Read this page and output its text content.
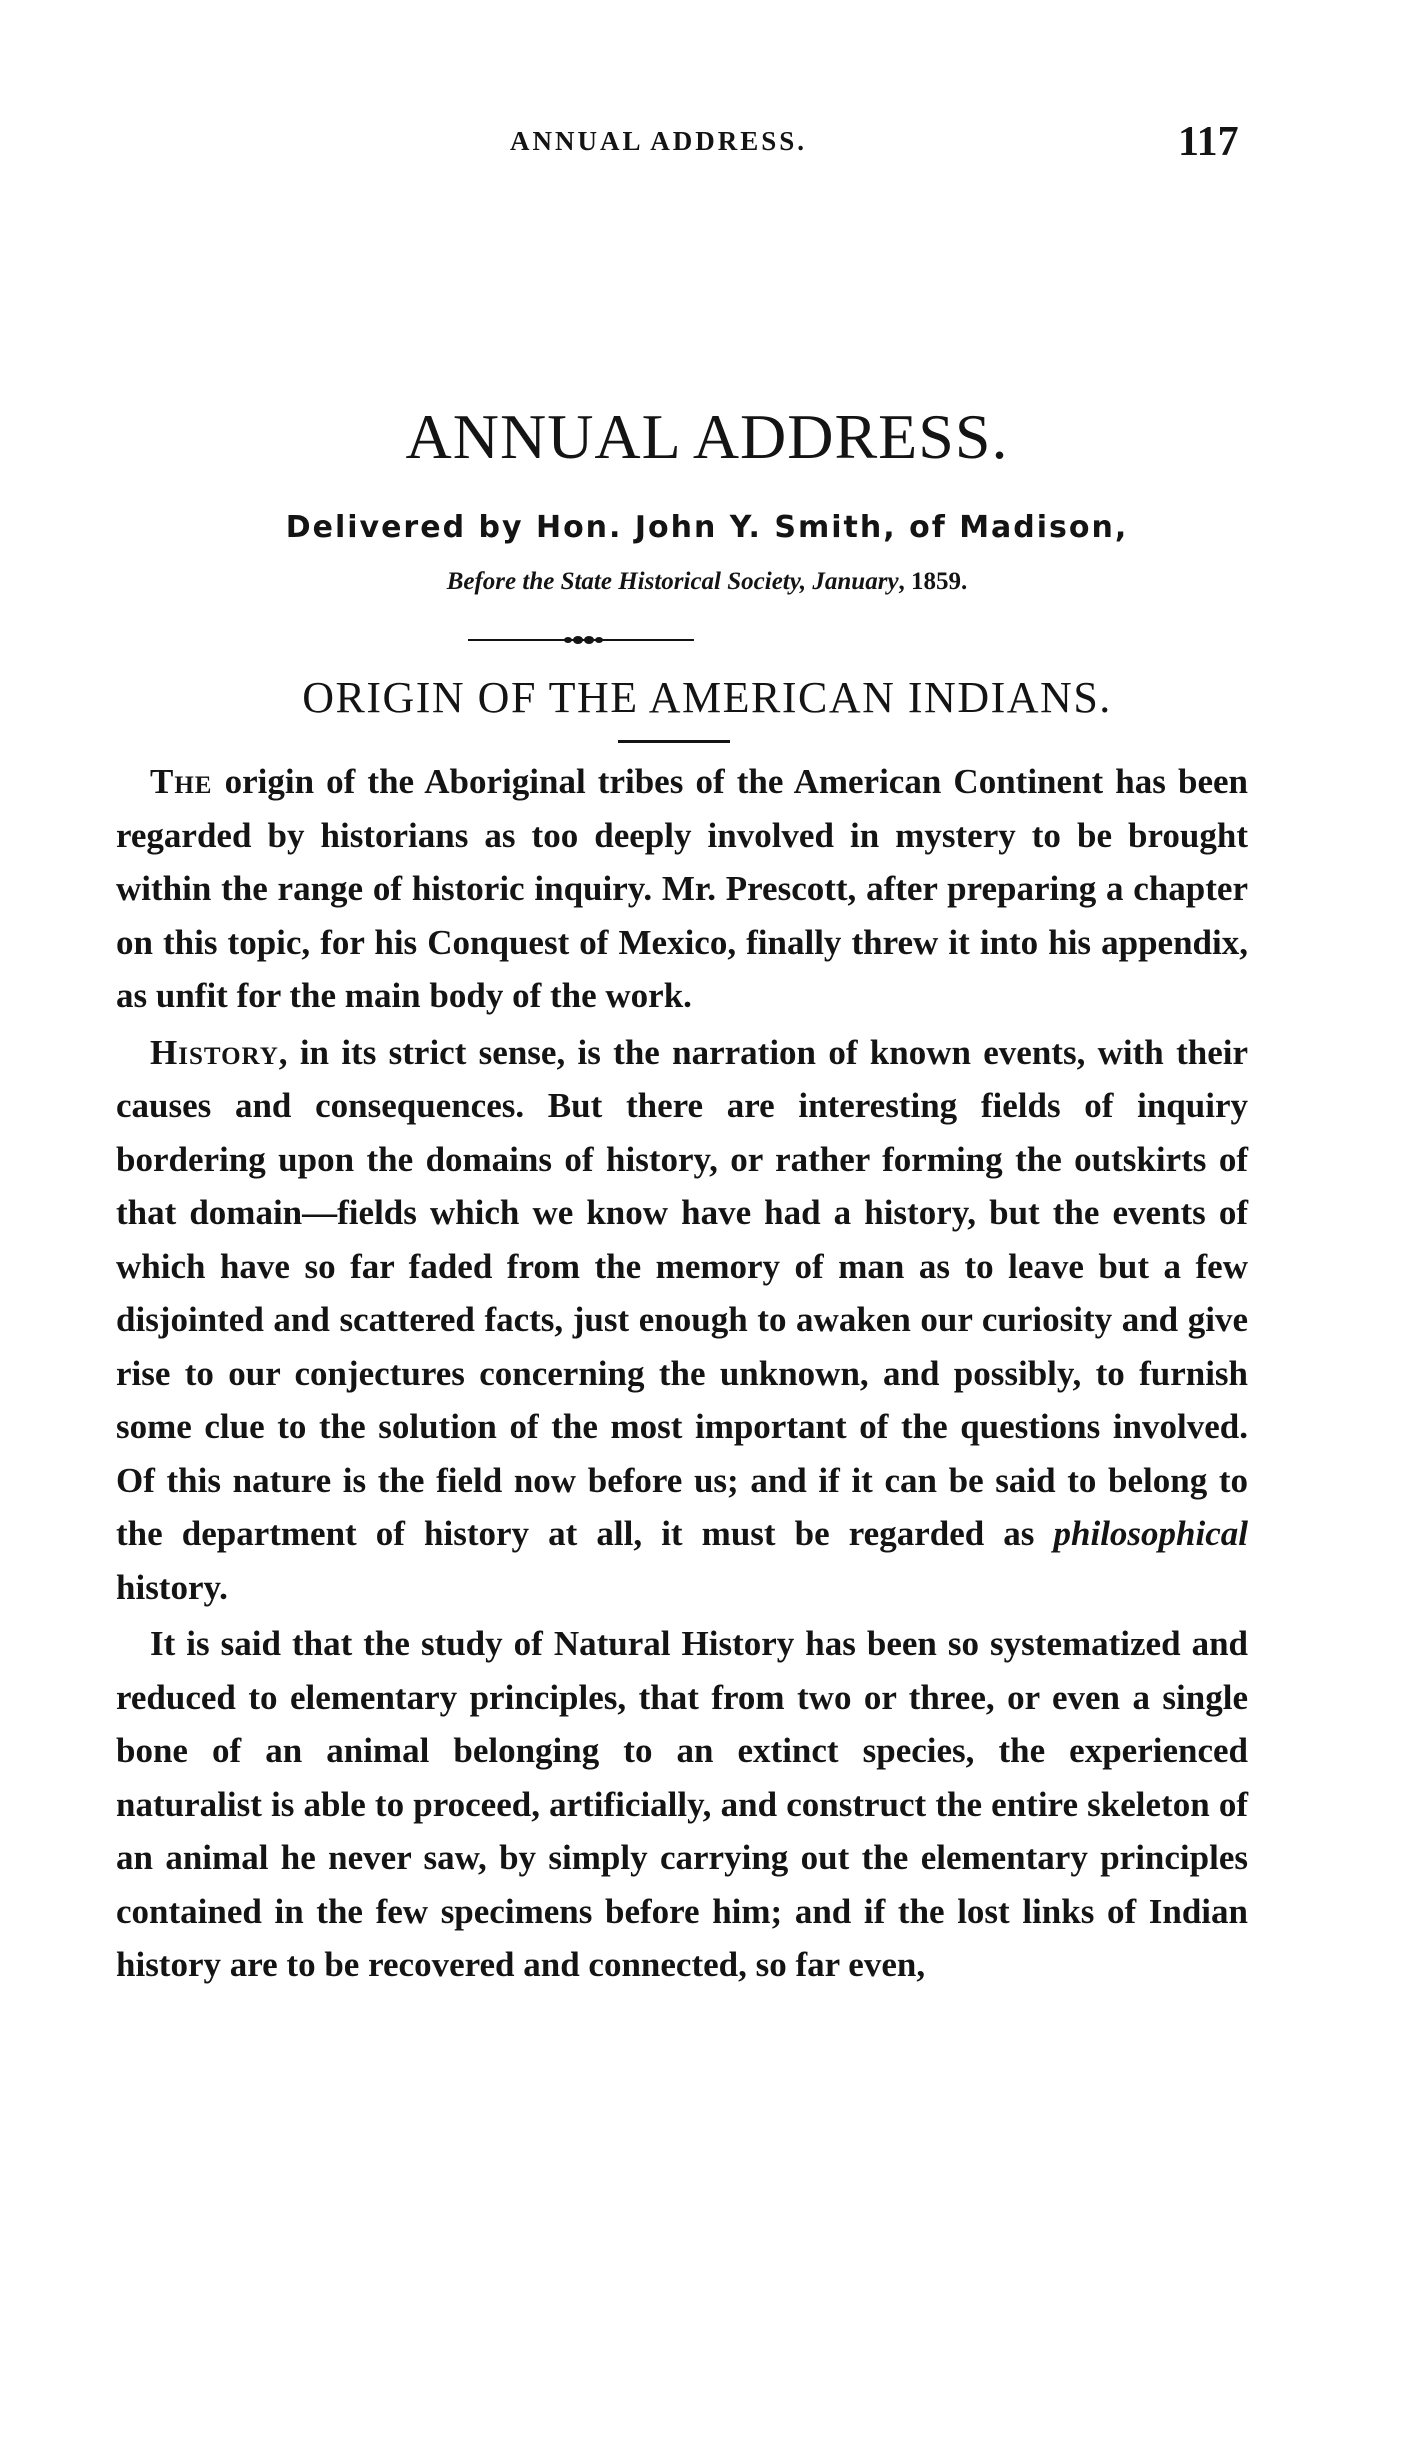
ANNUAL ADDRESS.	117
ANNUAL ADDRESS.
Delivered by Hon. John Y. Smith, of Madison,
Before the State Historical Society, January, 1859.
ORIGIN OF THE AMERICAN INDIANS.

The origin of the Aboriginal tribes of the American Continent has been regarded by historians as too deeply involved in mystery to be brought within the range of historic inquiry. Mr. Prescott, after preparing a chapter on this topic, for his Conquest of Mexico, finally threw it into his appendix, as unfit for the main body of the work.

History, in its strict sense, is the narration of known events, with their causes and consequences. But there are interesting fields of inquiry bordering upon the domains of history, or rather forming the outskirts of that domain—fields which we know have had a history, but the events of which have so far faded from the memory of man as to leave but a few disjointed and scattered facts, just enough to awaken our curiosity and give rise to our conjectures concerning the unknown, and possibly, to furnish some clue to the solution of the most important of the questions involved. Of this nature is the field now before us; and if it can be said to belong to the department of history at all, it must be regarded as philosophical history.

It is said that the study of Natural History has been so systematized and reduced to elementary principles, that from two or three, or even a single bone of an animal belonging to an extinct species, the experienced naturalist is able to proceed, artificially, and construct the entire skeleton of an animal he never saw, by simply carrying out the elementary principles contained in the few specimens before him; and if the lost links of Indian history are to be recovered and connected, so far even,
